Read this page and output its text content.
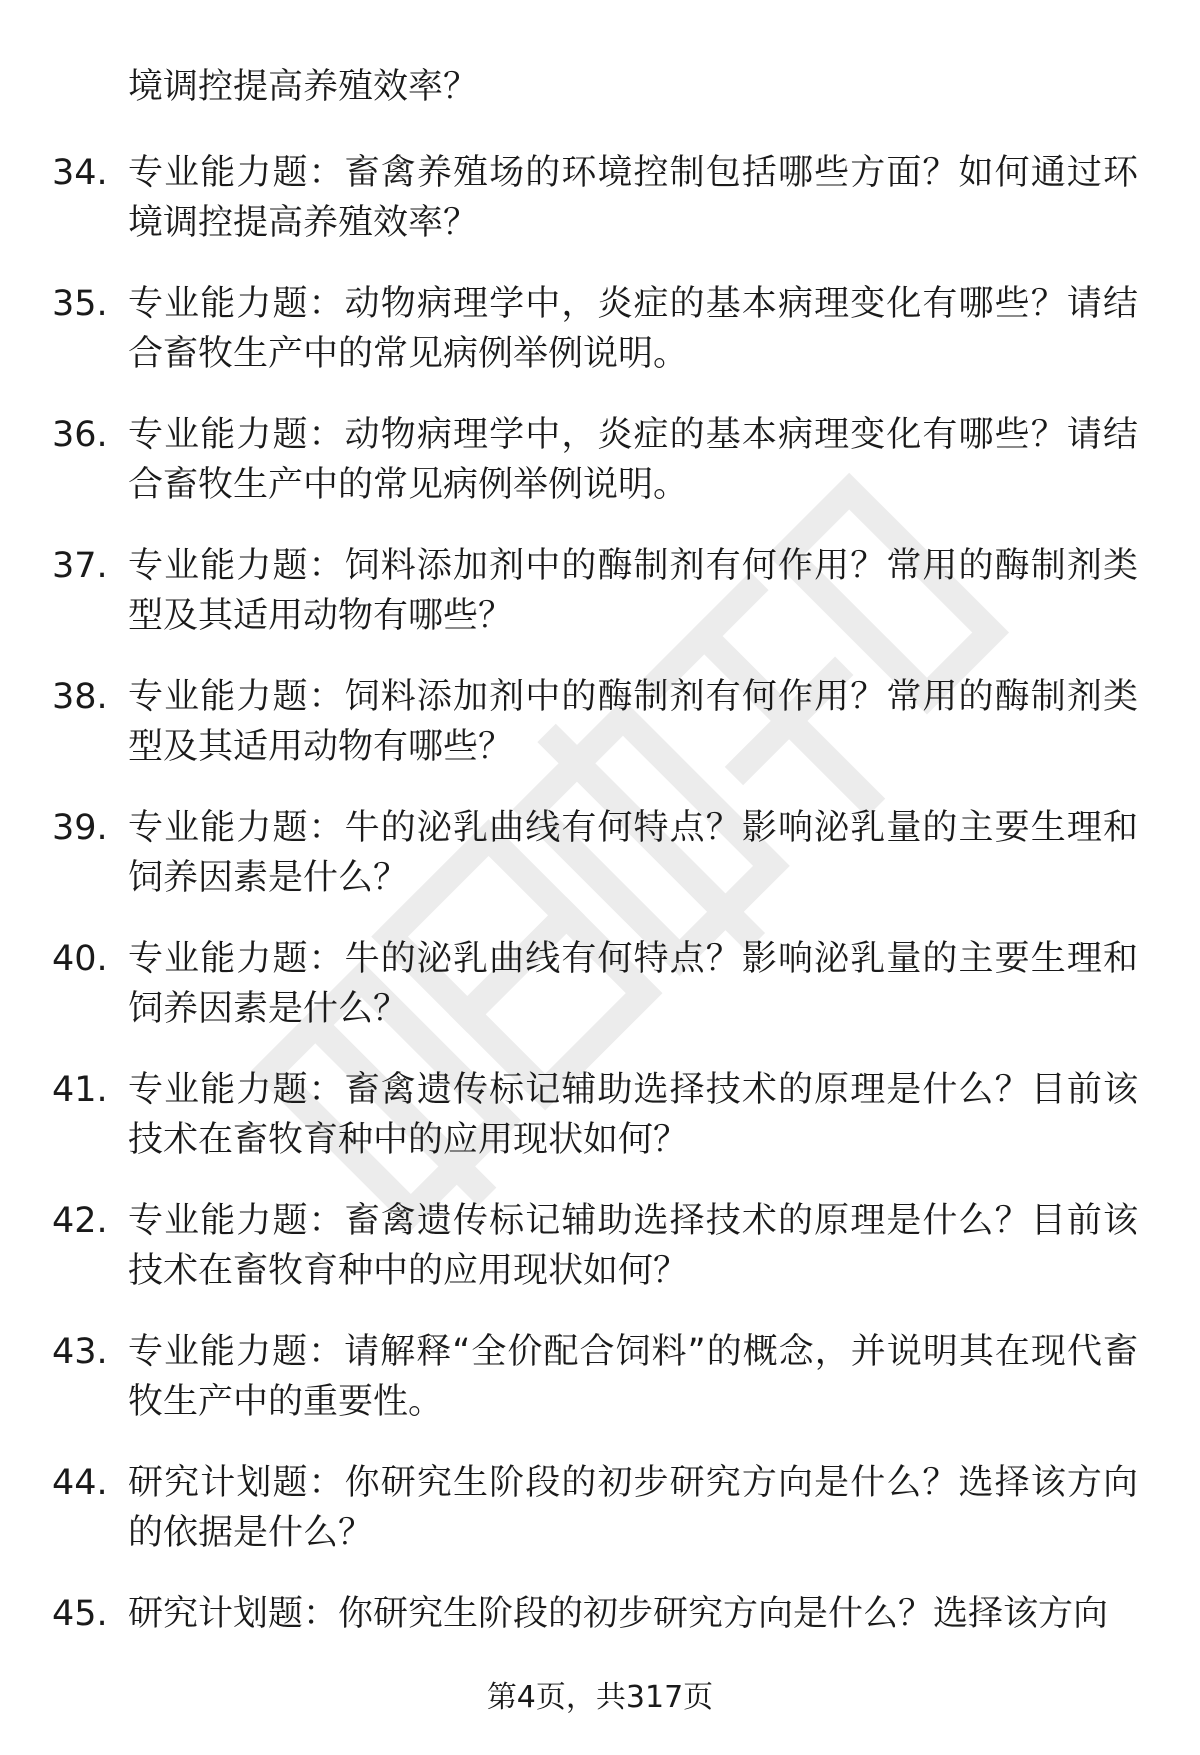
境调控提高养殖效率？
34. 专业能力题：畜禽养殖场的环境控制包括哪些方面？如何通过环境调控提高养殖效率？
35. 专业能力题：动物病理学中，炎症的基本病理变化有哪些？请结合畜牧生产中的常见病例举例说明。
36. 专业能力题：动物病理学中，炎症的基本病理变化有哪些？请结合畜牧生产中的常见病例举例说明。
37. 专业能力题：饲料添加剂中的酶制剂有何作用？常用的酶制剂类型及其适用动物有哪些？
38. 专业能力题：饲料添加剂中的酶制剂有何作用？常用的酶制剂类型及其适用动物有哪些？
39. 专业能力题：牛的泌乳曲线有何特点？影响泌乳量的主要生理和饲养因素是什么？
40. 专业能力题：牛的泌乳曲线有何特点？影响泌乳量的主要生理和饲养因素是什么？
41. 专业能力题：畜禽遗传标记辅助选择技术的原理是什么？目前该技术在畜牧育种中的应用现状如何？
42. 专业能力题：畜禽遗传标记辅助选择技术的原理是什么？目前该技术在畜牧育种中的应用现状如何？
43. 专业能力题：请解释“全价配合饲料”的概念，并说明其在现代畜牧生产中的重要性。
44. 研究计划题：你研究生阶段的初步研究方向是什么？选择该方向的依据是什么？
45. 研究计划题：你研究生阶段的初步研究方向是什么？选择该方向
第4页，共317页
